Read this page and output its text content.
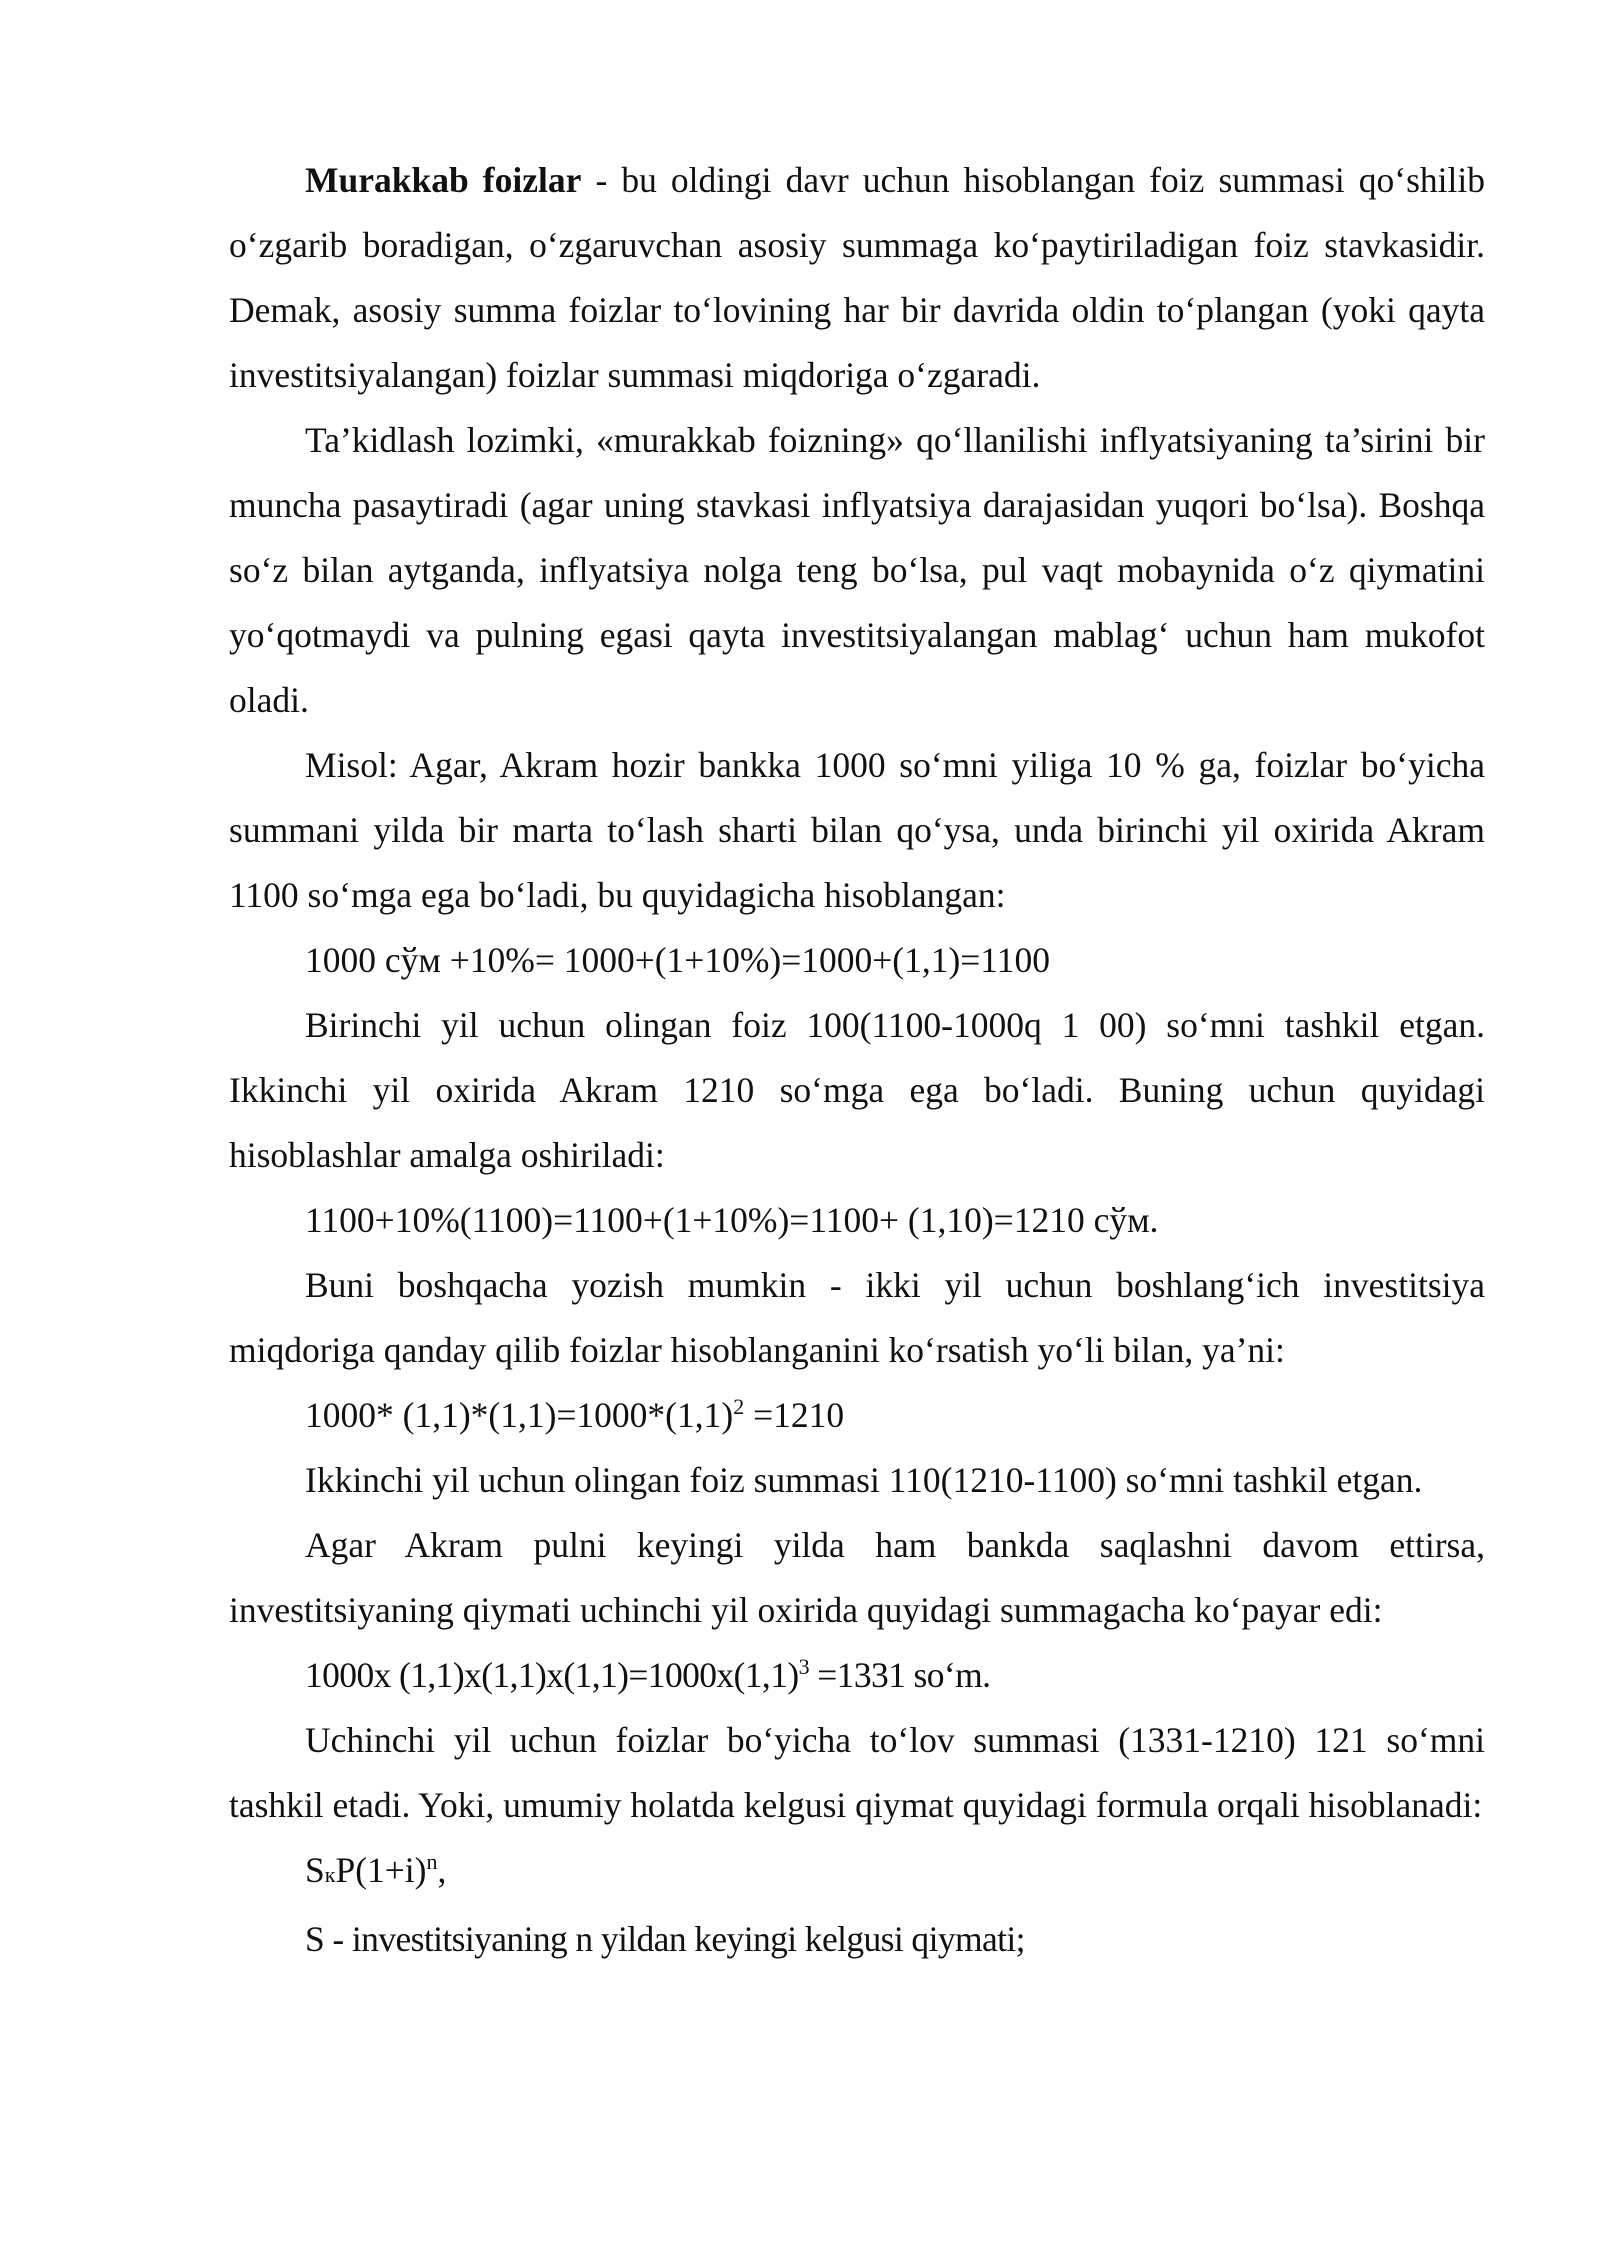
Murakkab foizlar - bu oldingi davr uchun hisoblangan foiz summasi qo‘shilib o‘zgarib boradigan, o‘zgaruvchan asosiy summaga ko‘paytiriladigan foiz stavkasidir. Demak, asosiy summa foizlar to‘lovining har bir davrida oldin to‘plangan (yoki qayta investitsiyalangan) foizlar summasi miqdoriga o‘zgaradi.

Ta’kidlash lozimki, «murakkab foizning» qo‘llanilishi inflyatsiyaning ta’sirini bir muncha pasaytiradi (agar uning stavkasi inflyatsiya darajasidan yuqori bo‘lsa). Boshqa so‘z bilan aytganda, inflyatsiya nolga teng bo‘lsa, pul vaqt mobaynida o‘z qiymatini yo‘qotmaydi va pulning egasi qayta investitsiyalangan mablag‘ uchun ham mukofot oladi.

Misol: Agar, Akram hozir bankka 1000 so‘mni yiliga 10 % ga, foizlar bo‘yicha summani yilda bir marta to‘lash sharti bilan qo‘ysa, unda birinchi yil oxirida Akram 1100 so‘mga ega bo‘ladi, bu quyidagicha hisoblangan:

1000 сўм +10%= 1000+(1+10%)=1000+(1,1)=1100

Birinchi yil uchun olingan foiz 100(1100-1000q 1 00) so‘mni tashkil etgan. Ikkinchi yil oxirida Akram 1210 so‘mga ega bo‘ladi. Buning uchun quyidagi hisoblashlar amalga oshiriladi:

1100+10%(1100)=1100+(1+10%)=1100+ (1,10)=1210 сўм.

Buni boshqacha yozish mumkin - ikki yil uchun boshlang‘ich investitsiya miqdoriga qanday qilib foizlar hisoblanganini ko‘rsatish yo‘li bilan, ya’ni:

1000* $(1,1)*(1,1)=1000*(1,1)^2 =1210$

Ikkinchi yil uchun olingan foiz summasi 110(1210-1100) so‘mni tashkil etgan.

Agar Akram pulni keyingi yilda ham bankda saqlashni davom ettirsa, investitsiyaning qiymati uchinchi yil oxirida quyidagi summagacha ko‘payar edi:

1000x $(1,1)x(1,1)x(1,1)=1000x(1,1)^3 =1331$ so‘m.

Uchinchi yil uchun foizlar bo‘yicha to‘lov summasi (1331-1210) 121 so‘mni tashkil etadi. Yoki, umumiy holatda kelgusi qiymat quyidagi formula orqali hisoblanadi:

$SкP(1+i)^n$,

S - investitsiyaning n yildan keyingi kelgusi qiymati;
